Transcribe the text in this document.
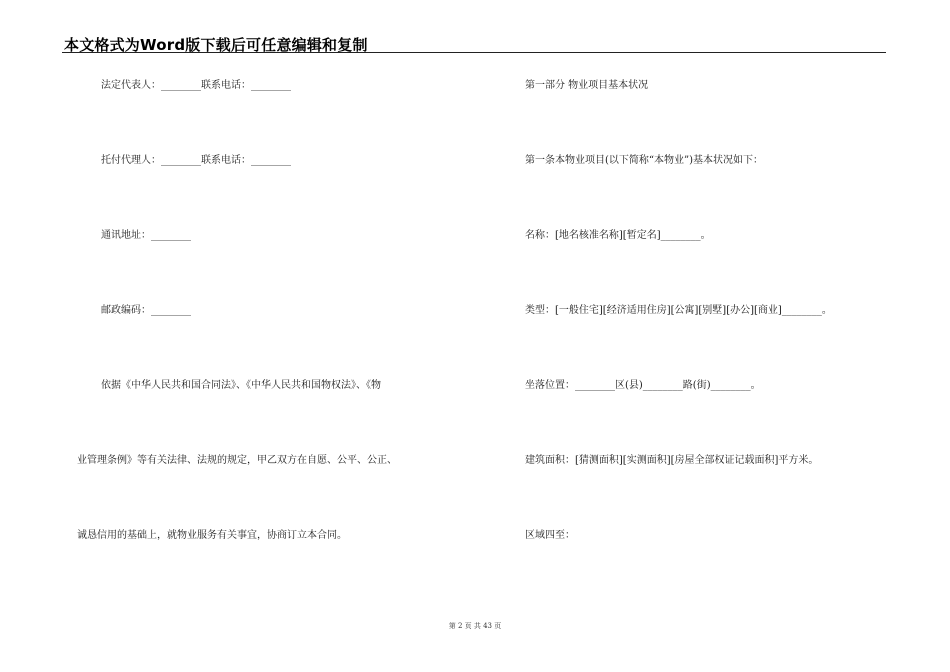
本文格式为Word版下载后可任意编辑和复制
法定代表人：________联系电话：________
托付代理人：________联系电话：________
通讯地址：________
邮政编码：________
依据《中华人民共和国合同法》、《中华人民共和国物权法》、《物
业管理条例》等有关法律、法规的规定，甲乙双方在自愿、公平、公正、
诚恳信用的基础上，就物业服务有关事宜，协商订立本合同。
第一部分 物业项目基本状况
第一条本物业项目(以下简称“本物业”)基本状况如下：
名称：[地名核准名称][暂定名]________。
类型：[一般住宅][经济适用住房][公寓][别墅][办公][商业]________。
坐落位置：________区(县)________路(街)________。
建筑面积：[猜测面积][实测面积][房屋全部权证记载面积]平方米。
区域四至：
第 2 页 共 43 页
